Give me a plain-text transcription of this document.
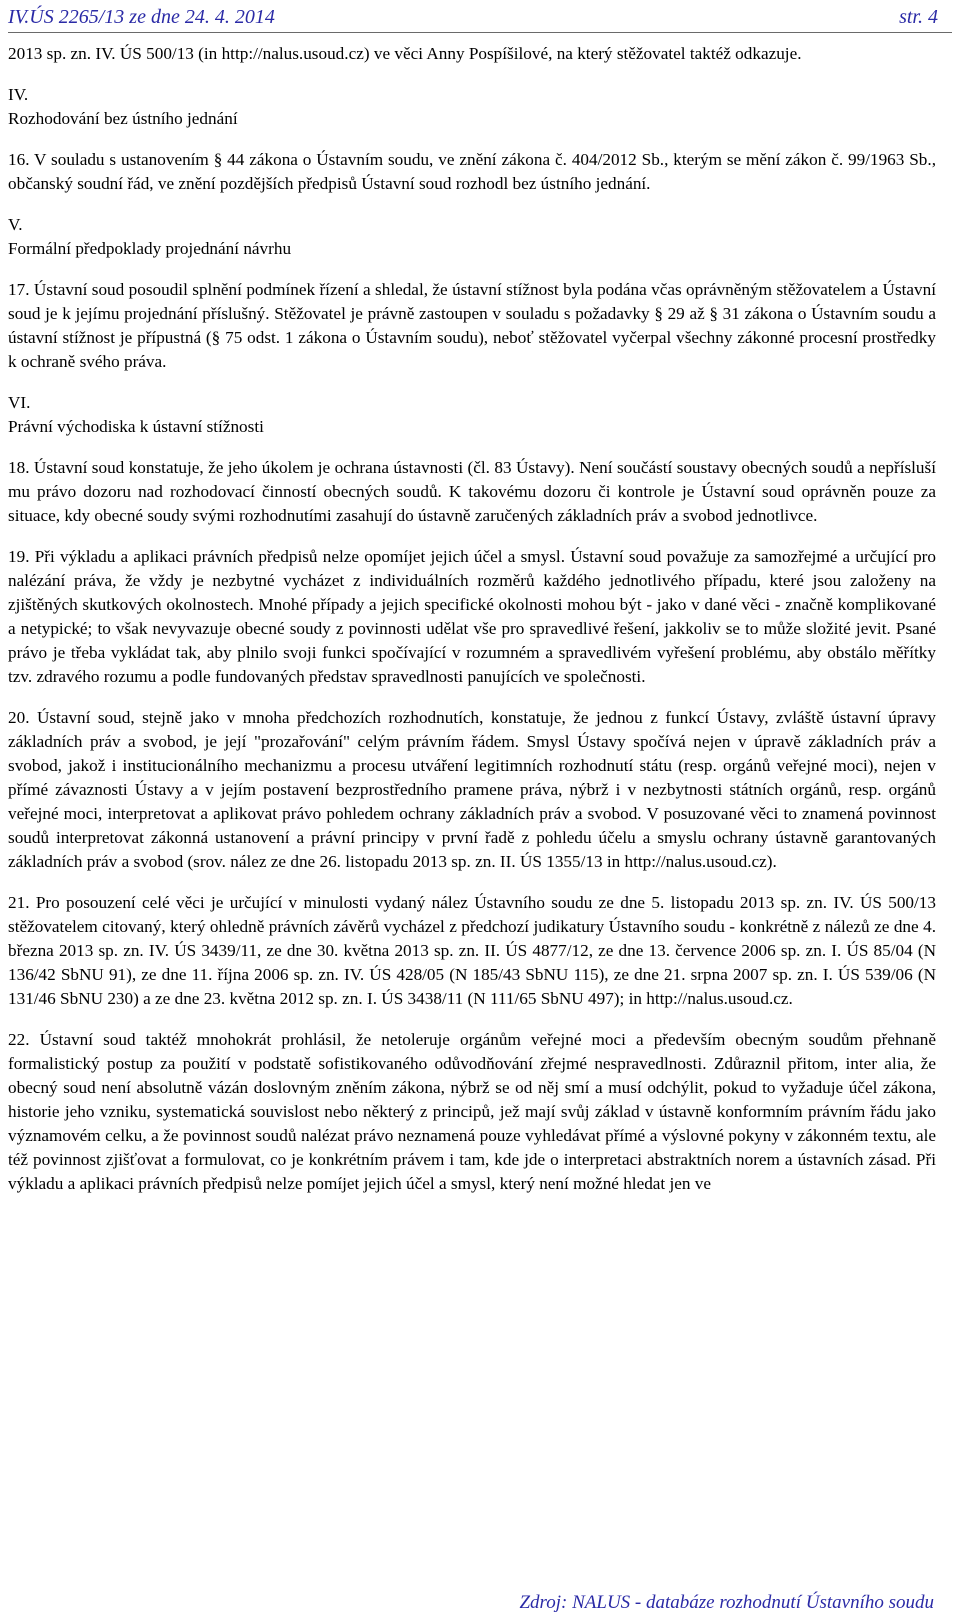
IV.ÚS 2265/13 ze dne 24. 4. 2014	str. 4

2013 sp. zn. IV. ÚS 500/13 (in http://nalus.usoud.cz) ve věci Anny Pospíšilové, na který stěžovatel taktéž odkazuje.

IV.
Rozhodování bez ústního jednání

16. V souladu s ustanovením § 44 zákona o Ústavním soudu, ve znění zákona č. 404/2012 Sb., kterým se mění zákon č. 99/1963 Sb., občanský soudní řád, ve znění pozdějších předpisů Ústavní soud rozhodl bez ústního jednání.

V.
Formální předpoklady projednání návrhu

17. Ústavní soud posoudil splnění podmínek řízení a shledal, že ústavní stížnost byla podána včas oprávněným stěžovatelem a Ústavní soud je k jejímu projednání příslušný. Stěžovatel je právně zastoupen v souladu s požadavky § 29 až § 31 zákona o Ústavním soudu a ústavní stížnost je přípustná (§ 75 odst. 1 zákona o Ústavním soudu), neboť stěžovatel vyčerpal všechny zákonné procesní prostředky k ochraně svého práva.

VI.
Právní východiska k ústavní stížnosti

18. Ústavní soud konstatuje, že jeho úkolem je ochrana ústavnosti (čl. 83 Ústavy). Není součástí soustavy obecných soudů a nepřísluší mu právo dozoru nad rozhodovací činností obecných soudů. K takovému dozoru či kontrole je Ústavní soud oprávněn pouze za situace, kdy obecné soudy svými rozhodnutími zasahují do ústavně zaručených základních práv a svobod jednotlivce.

19. Při výkladu a aplikaci právních předpisů nelze opomíjet jejich účel a smysl. Ústavní soud považuje za samozřejmé a určující pro nalézání práva, že vždy je nezbytné vycházet z individuálních rozměrů každého jednotlivého případu, které jsou založeny na zjištěných skutkových okolnostech. Mnohé případy a jejich specifické okolnosti mohou být - jako v dané věci - značně komplikované a netypické; to však nevyvazuje obecné soudy z povinnosti udělat vše pro spravedlivé řešení, jakkoliv se to může složité jevit. Psané právo je třeba vykládat tak, aby plnilo svoji funkci spočívající v rozumném a spravedlivém vyřešení problému, aby obstálo měřítky tzv. zdravého rozumu a podle fundovaných představ spravedlnosti panujících ve společnosti.

20. Ústavní soud, stejně jako v mnoha předchozích rozhodnutích, konstatuje, že jednou z funkcí Ústavy, zvláště ústavní úpravy základních práv a svobod, je její "prozařování" celým právním řádem. Smysl Ústavy spočívá nejen v úpravě základních práv a svobod, jakož i institucionálního mechanizmu a procesu utváření legitimních rozhodnutí státu (resp. orgánů veřejné moci), nejen v přímé závaznosti Ústavy a v jejím postavení bezprostředního pramene práva, nýbrž i v nezbytnosti státních orgánů, resp. orgánů veřejné moci, interpretovat a aplikovat právo pohledem ochrany základních práv a svobod. V posuzované věci to znamená povinnost soudů interpretovat zákonná ustanovení a právní principy v první řadě z pohledu účelu a smyslu ochrany ústavně garantovaných základních práv a svobod (srov. nález ze dne 26. listopadu 2013 sp. zn. II. ÚS 1355/13 in http://nalus.usoud.cz).

21. Pro posouzení celé věci je určující v minulosti vydaný nález Ústavního soudu ze dne 5. listopadu 2013 sp. zn. IV. ÚS 500/13 stěžovatelem citovaný, který ohledně právních závěrů vycházel z předchozí judikatury Ústavního soudu - konkrétně z nálezů ze dne 4. března 2013 sp. zn. IV. ÚS 3439/11, ze dne 30. května 2013 sp. zn. II. ÚS 4877/12, ze dne 13. července 2006 sp. zn. I. ÚS 85/04 (N 136/42 SbNU 91), ze dne 11. října 2006 sp. zn. IV. ÚS 428/05 (N 185/43 SbNU 115), ze dne 21. srpna 2007 sp. zn. I. ÚS 539/06 (N 131/46 SbNU 230) a ze dne 23. května 2012 sp. zn. I. ÚS 3438/11 (N 111/65 SbNU 497); in http://nalus.usoud.cz.

22. Ústavní soud taktéž mnohokrát prohlásil, že netoleruje orgánům veřejné moci a především obecným soudům přehnaně formalistický postup za použití v podstatě sofistikovaného odůvodňování zřejmé nespravedlnosti. Zdůraznil přitom, inter alia, že obecný soud není absolutně vázán doslovným zněním zákona, nýbrž se od něj smí a musí odchýlit, pokud to vyžaduje účel zákona, historie jeho vzniku, systematická souvislost nebo některý z principů, jež mají svůj základ v ústavně konformním právním řádu jako významovém celku, a že povinnost soudů nalézat právo neznamená pouze vyhledávat přímé a výslovné pokyny v zákonném textu, ale též povinnost zjišťovat a formulovat, co je konkrétním právem i tam, kde jde o interpretaci abstraktních norem a ústavních zásad. Při výkladu a aplikaci právních předpisů nelze pomíjet jejich účel a smysl, který není možné hledat jen ve

Zdroj: NALUS - databáze rozhodnutí Ústavního soudu
